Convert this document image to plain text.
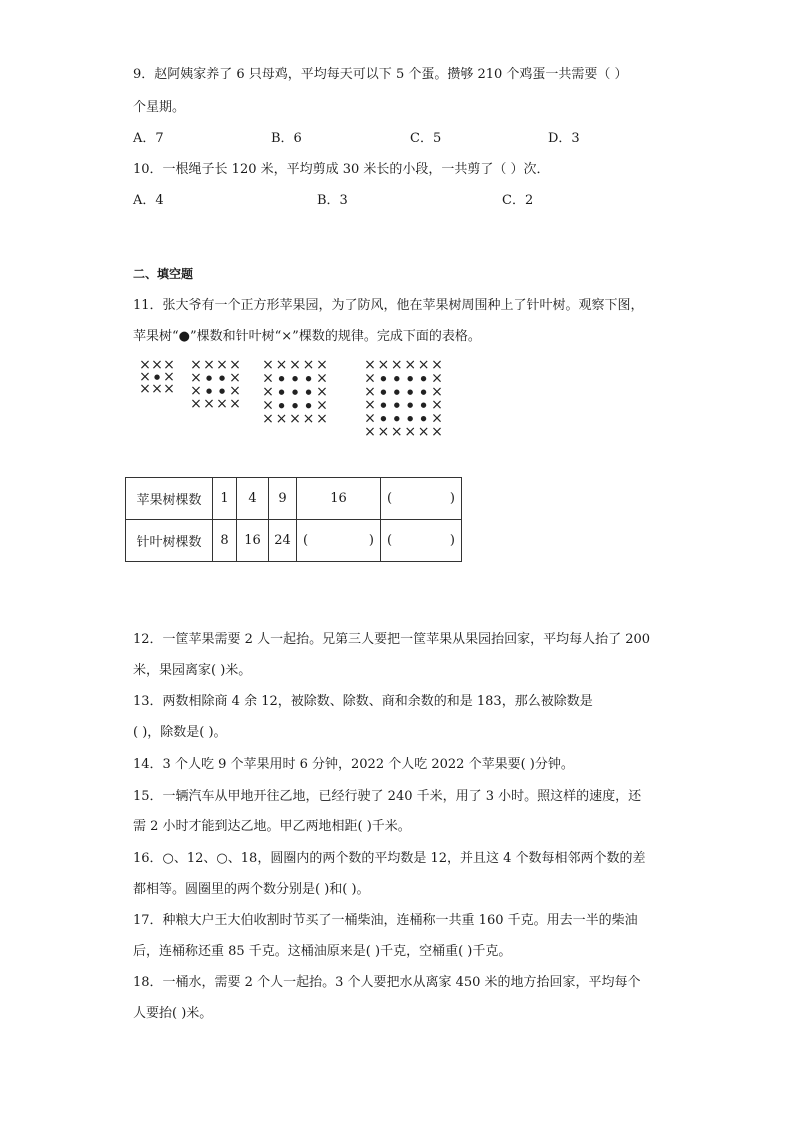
9．赵阿姨家养了 6 只母鸡，平均每天可以下 5 个蛋。攒够 210 个鸡蛋一共需要（ ）
个星期。
A．7	B．6	C．5	D．3
10．一根绳子长 120 米，平均剪成 30 米长的小段，一共剪了（ ）次．
A．4	B．3	C．2
二、填空题
11．张大爷有一个正方形苹果园，为了防风，他在苹果树周围种上了针叶树。观察下图，
苹果树“●”棵数和针叶树“×”棵数的规律。完成下面的表格。
× × ×
× ● ×
× × ×
× × × ×
× ● ● ×
× ● ● ×
× × × ×
× × × × ×
× ● ● ● ×
× ● ● ● ×
× ● ● ● ×
× × × × ×
× × × × × ×
× ● ● ● ● ×
× ● ● ● ● ×
× ● ● ● ● ×
× ● ● ● ● ×
× × × × × ×
苹果树棵数	1	4	9	16	( )

针叶树棵数	8	16	24	( )	( )
12．一筐苹果需要 2 人一起抬。兄第三人要把一筐苹果从果园抬回家，平均每人抬了 200
米，果园离家( )米。
13．两数相除商 4 余 12，被除数、除数、商和余数的和是 183，那么被除数是
( )，除数是( )。
14．3 个人吃 9 个苹果用时 6 分钟，2022 个人吃 2022 个苹果要( )分钟。
15．一辆汽车从甲地开往乙地，已经行驶了 240 千米，用了 3 小时。照这样的速度，还
需 2 小时才能到达乙地。甲乙两地相距( )千米。
16．○、12、○、18，圆圈内的两个数的平均数是 12，并且这 4 个数每相邻两个数的差
都相等。圆圈里的两个数分别是( )和( )。
17．种粮大户王大伯收割时节买了一桶柴油，连桶称一共重 160 千克。用去一半的柴油
后，连桶称还重 85 千克。这桶油原来是( )千克，空桶重( )千克。
18．一桶水，需要 2 个人一起抬。3 个人要把水从离家 450 米的地方抬回家，平均每个
人要抬( )米。
